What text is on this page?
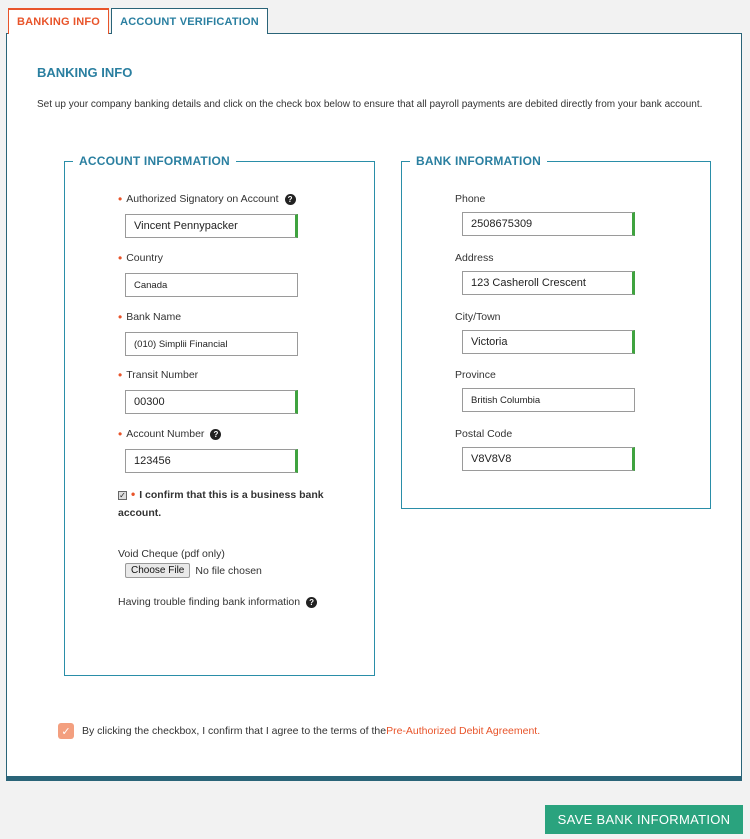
BANKING INFO	ACCOUNT VERIFICATION
BANKING INFO
Set up your company banking details and click on the check box below to ensure that all payroll payments are debited directly from your bank account.
ACCOUNT INFORMATION
• Authorized Signatory on Account	?
Vincent Pennypacker
• Country
Canada
• Bank Name
(010) Simplii Financial
• Transit Number
00300
• Account Number	?
123456
✓ • I confirm that this is a business bank account.
Void Cheque (pdf only)
Choose File	No file chosen
Having trouble finding bank information	?
BANK INFORMATION
Phone
2508675309
Address
123 Casheroll Crescent
City/Town
Victoria
Province
British Columbia
Postal Code
V8V8V8
✓	By clicking the checkbox, I confirm that I agree to the terms of the Pre-Authorized Debit Agreement.
SAVE BANK INFORMATION
